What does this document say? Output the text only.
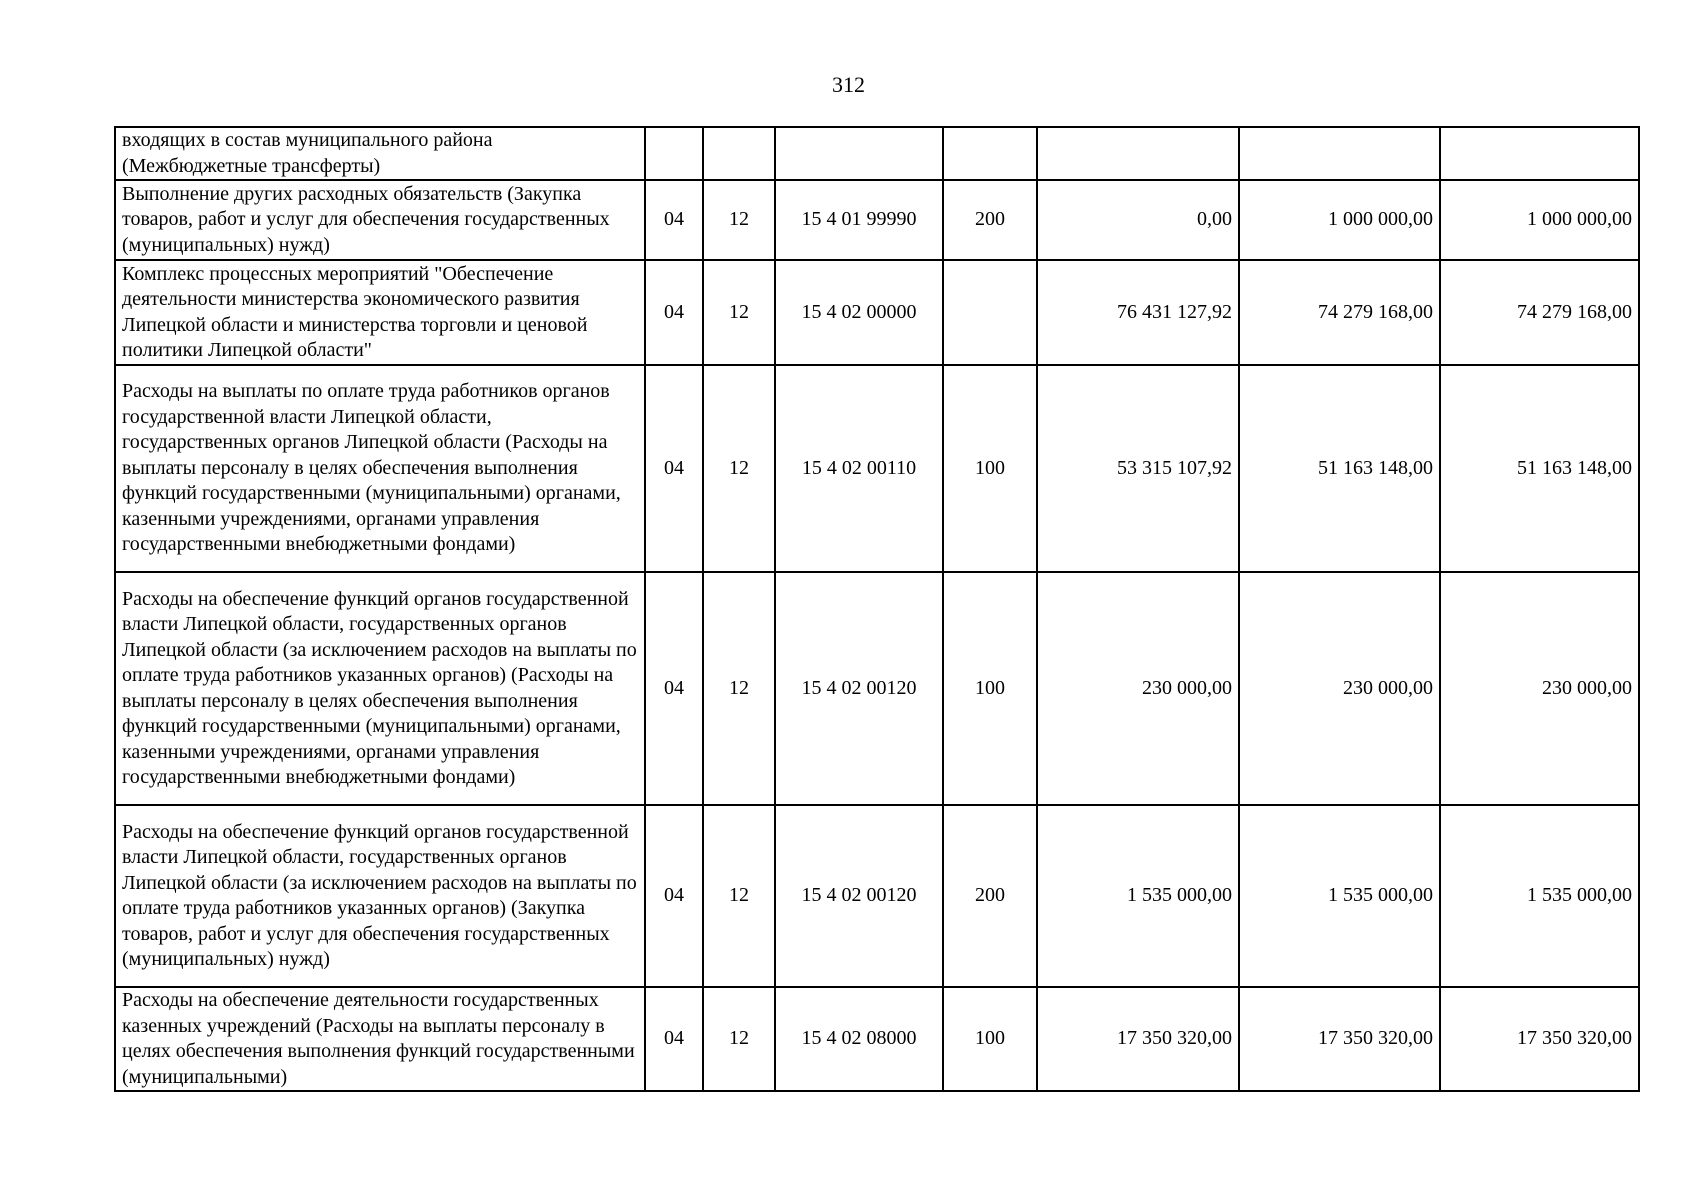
312
входящих в состав муниципального района (Межбюджетные трансферты)							
Выполнение других расходных обязательств (Закупка товаров, работ и услуг для обеспечения государственных (муниципальных) нужд)	04	12	15 4 01 99990	200	0,00	1 000 000,00	1 000 000,00
Комплекс процессных мероприятий "Обеспечение деятельности министерства экономического развития Липецкой области и министерства торговли и ценовой политики Липецкой области"	04	12	15 4 02 00000		76 431 127,92	74 279 168,00	74 279 168,00
Расходы на выплаты по оплате труда работников органов государственной власти Липецкой области, государственных органов Липецкой области (Расходы на выплаты персоналу в целях обеспечения выполнения функций государственными (муниципальными) органами, казенными учреждениями, органами управления государственными внебюджетными фондами)	04	12	15 4 02 00110	100	53 315 107,92	51 163 148,00	51 163 148,00
Расходы на обеспечение функций органов государственной власти Липецкой области, государственных органов Липецкой области (за исключением расходов на выплаты по оплате труда работников указанных органов) (Расходы на выплаты персоналу в целях обеспечения выполнения функций государственными (муниципальными) органами, казенными учреждениями, органами управления государственными внебюджетными фондами)	04	12	15 4 02 00120	100	230 000,00	230 000,00	230 000,00
Расходы на обеспечение функций органов государственной власти Липецкой области, государственных органов Липецкой области (за исключением расходов на выплаты по оплате труда работников указанных органов) (Закупка товаров, работ и услуг для обеспечения государственных (муниципальных) нужд)	04	12	15 4 02 00120	200	1 535 000,00	1 535 000,00	1 535 000,00
Расходы на обеспечение деятельности государственных казенных учреждений (Расходы на выплаты персоналу в целях обеспечения выполнения функций государственными (муниципальными)	04	12	15 4 02 08000	100	17 350 320,00	17 350 320,00	17 350 320,00
